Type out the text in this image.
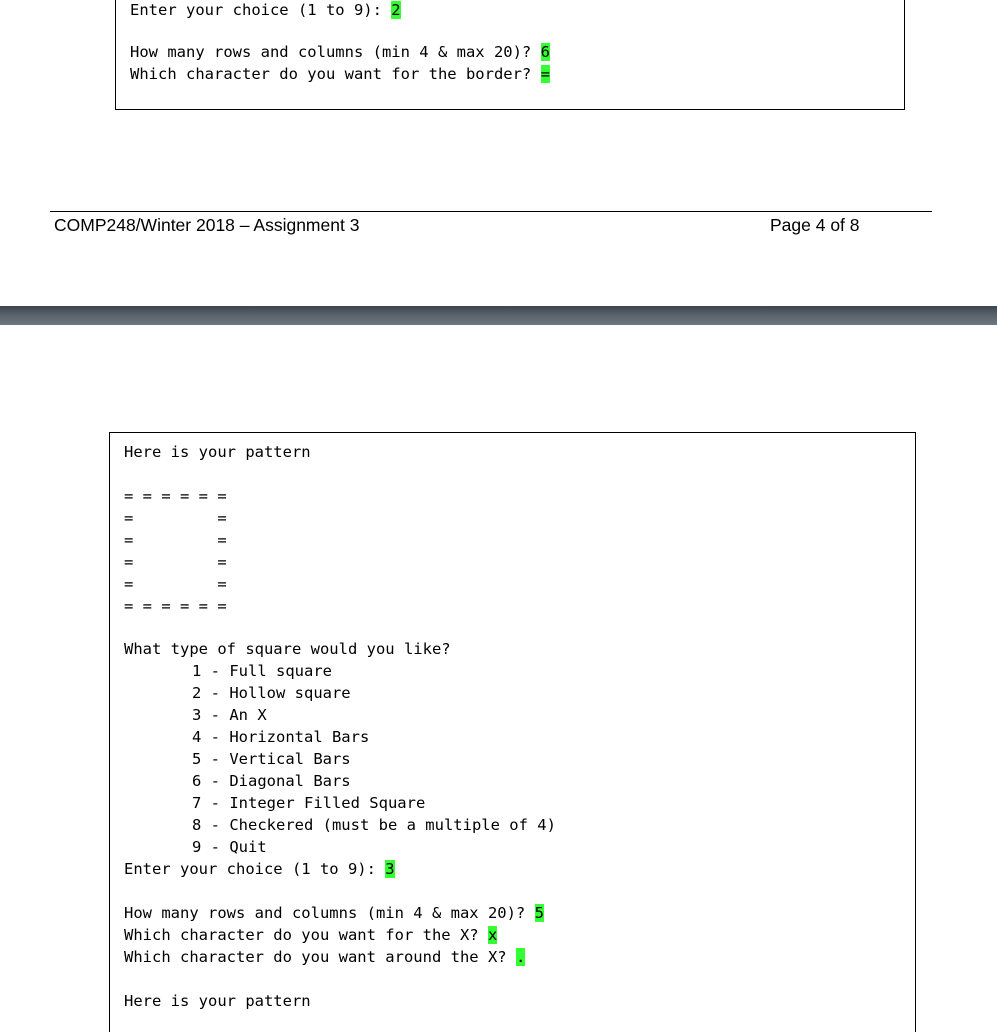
Enter your choice (1 to 9): 2
How many rows and columns (min 4 & max 20)? 6
Which character do you want for the border? =
COMP248/Winter 2018 – Assignment 3	Page 4 of 8
Here is your pattern
= = = = = =
=         =
=         =
=         =
=         =
= = = = = =
What type of square would you like?
1 - Full square
2 - Hollow square
3 - An X
4 - Horizontal Bars
5 - Vertical Bars
6 - Diagonal Bars
7 - Integer Filled Square
8 - Checkered (must be a multiple of 4)
9 - Quit
Enter your choice (1 to 9): 3
How many rows and columns (min 4 & max 20)? 5
Which character do you want for the X? x
Which character do you want around the X? .
Here is your pattern
